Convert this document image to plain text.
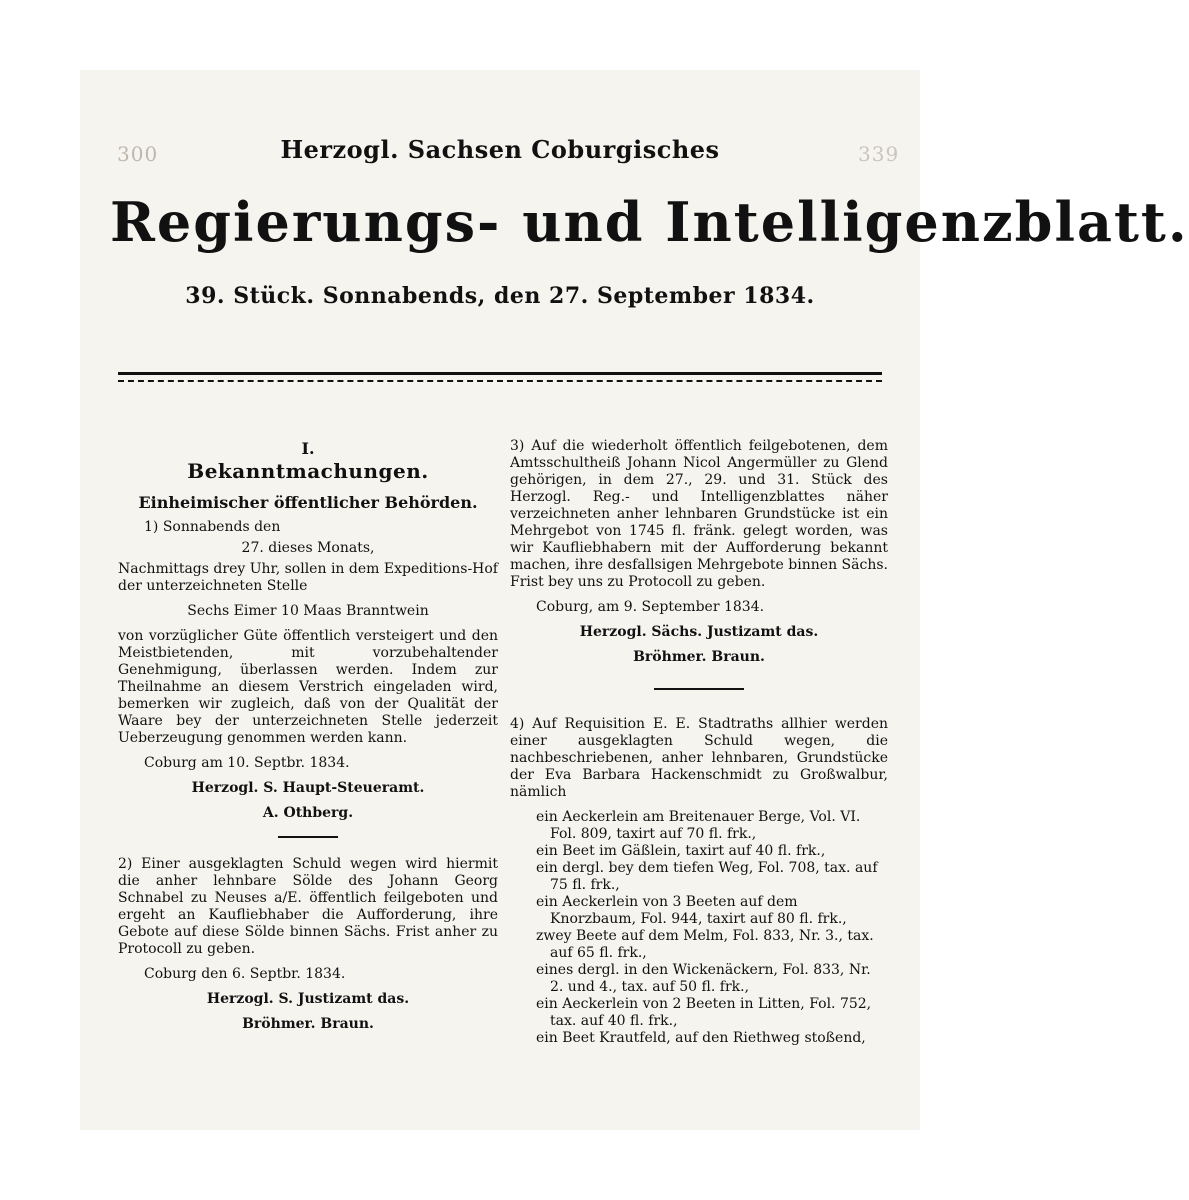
300	339
Herzogl. Sachsen Coburgisches
Regierungs- und Intelligenzblatt.
39. Stück. Sonnabends, den 27. September 1834.
I.
Bekanntmachungen.
Einheimischer öffentlicher Behörden.

1) Sonnabends den

27. dieses Monats,

Nachmittags drey Uhr, sollen in dem Expeditions-Hof der unterzeichneten Stelle

Sechs Eimer 10 Maas Branntwein

von vorzüglicher Güte öffentlich versteigert und den Meistbietenden, mit vorzubehaltender Genehmigung, überlassen werden. Indem zur Theilnahme an diesem Verstrich eingeladen wird, bemerken wir zugleich, daß von der Qualität der Waare bey der unterzeichneten Stelle jederzeit Ueberzeugung genommen werden kann.

Coburg am 10. Septbr. 1834.

Herzogl. S. Haupt-Steueramt.

A. Othberg.

2) Einer ausgeklagten Schuld wegen wird hiermit die anher lehnbare Sölde des Johann Georg Schnabel zu Neuses a/E. öffentlich feilgeboten und ergeht an Kaufliebhaber die Aufforderung, ihre Gebote auf diese Sölde binnen Sächs. Frist anher zu Protocoll zu geben.

Coburg den 6. Septbr. 1834.

Herzogl. S. Justizamt das.

Bröhmer. Braun.

3) Auf die wiederholt öffentlich feilgebotenen, dem Amtsschultheiß Johann Nicol Angermüller zu Glend gehörigen, in dem 27., 29. und 31. Stück des Herzogl. Reg.- und Intelligenzblattes näher verzeichneten anher lehnbaren Grundstücke ist ein Mehrgebot von 1745 fl. fränk. gelegt worden, was wir Kaufliebhabern mit der Aufforderung bekannt machen, ihre desfallsigen Mehrgebote binnen Sächs. Frist bey uns zu Protocoll zu geben.

Coburg, am 9. September 1834.

Herzogl. Sächs. Justizamt das.

Bröhmer. Braun.

4) Auf Requisition E. E. Stadtraths allhier werden einer ausgeklagten Schuld wegen, die nachbeschriebenen, anher lehnbaren, Grundstücke der Eva Barbara Hackenschmidt zu Großwalbur, nämlich

ein Aeckerlein am Breitenauer Berge, Vol. VI. Fol. 809, taxirt auf 70 fl. frk.,

ein Beet im Gäßlein, taxirt auf 40 fl. frk.,

ein dergl. bey dem tiefen Weg, Fol. 708, tax. auf 75 fl. frk.,

ein Aeckerlein von 3 Beeten auf dem Knorzbaum, Fol. 944, taxirt auf 80 fl. frk.,

zwey Beete auf dem Melm, Fol. 833, Nr. 3., tax. auf 65 fl. frk.,

eines dergl. in den Wickenäckern, Fol. 833, Nr. 2. und 4., tax. auf 50 fl. frk.,

ein Aeckerlein von 2 Beeten in Litten, Fol. 752, tax. auf 40 fl. frk.,

ein Beet Krautfeld, auf den Riethweg stoßend,
